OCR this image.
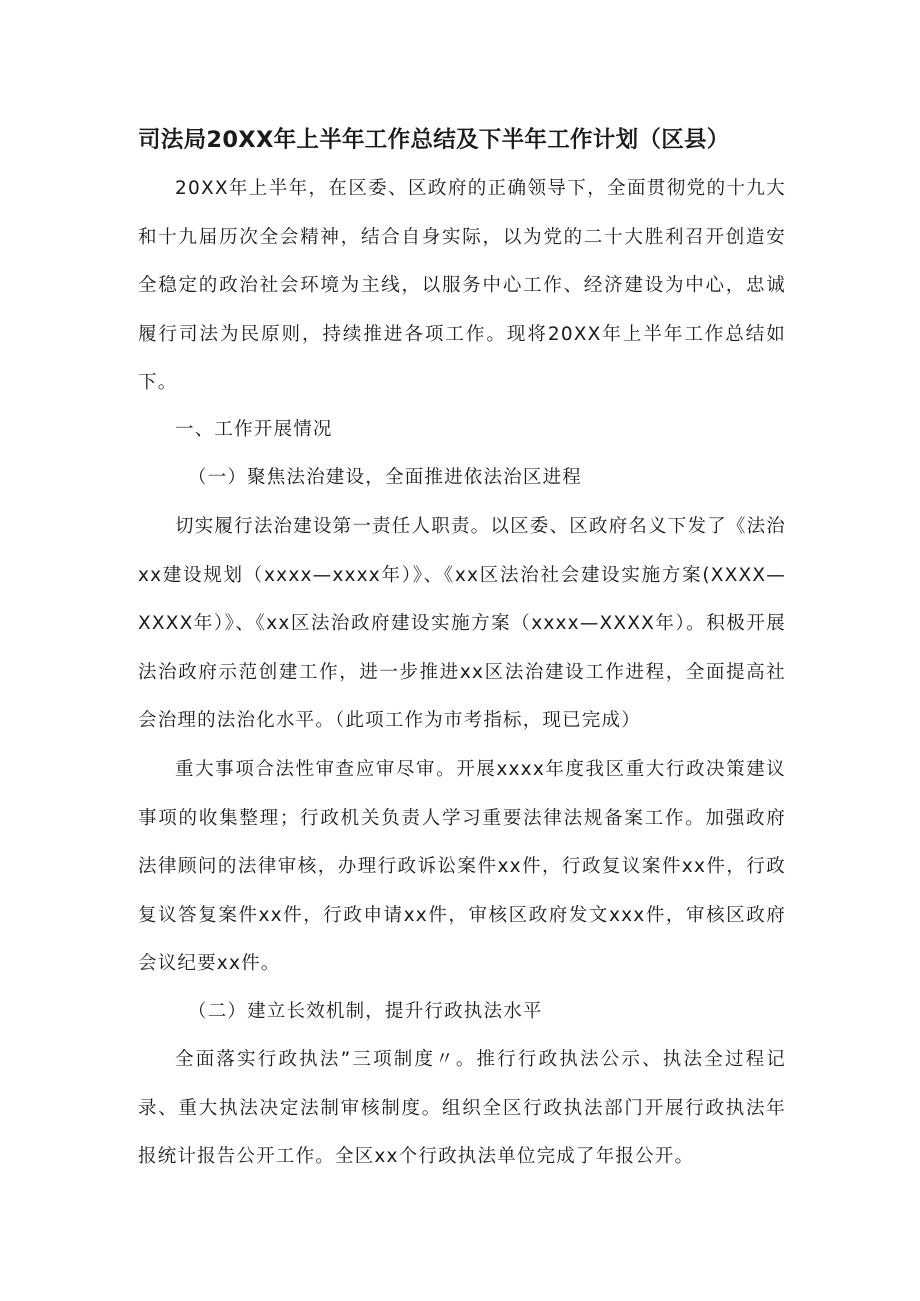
司法局20XX年上半年工作总结及下半年工作计划（区县）

20XX年上半年，在区委、区政府的正确领导下，全面贯彻党的十九大和十九届历次全会精神，结合自身实际，以为党的二十大胜利召开创造安全稳定的政治社会环境为主线，以服务中心工作、经济建设为中心，忠诚履行司法为民原则，持续推进各项工作。现将20XX年上半年工作总结如下。

一、工作开展情况

（一）聚焦法治建设，全面推进依法治区进程

切实履行法治建设第一责任人职责。以区委、区政府名义下发了《法治xx建设规划（xxxx—xxxx年）》、《xx区法治社会建设实施方案(XXXX—XXXX年）》、《xx区法治政府建设实施方案（xxxx—XXXX年）。积极开展法治政府示范创建工作，进一步推进xx区法治建设工作进程，全面提高社会治理的法治化水平。（此项工作为市考指标，现已完成）

重大事项合法性审查应审尽审。开展xxxx年度我区重大行政决策建议事项的收集整理；行政机关负责人学习重要法律法规备案工作。加强政府法律顾问的法律审核，办理行政诉讼案件xx件，行政复议案件xx件，行政复议答复案件xx件，行政申请xx件，审核区政府发文xxx件，审核区政府会议纪要xx件。

（二）建立长效机制，提升行政执法水平

全面落实行政执法”三项制度〃。推行行政执法公示、执法全过程记录、重大执法决定法制审核制度。组织全区行政执法部门开展行政执法年报统计报告公开工作。全区xx个行政执法单位完成了年报公开。
